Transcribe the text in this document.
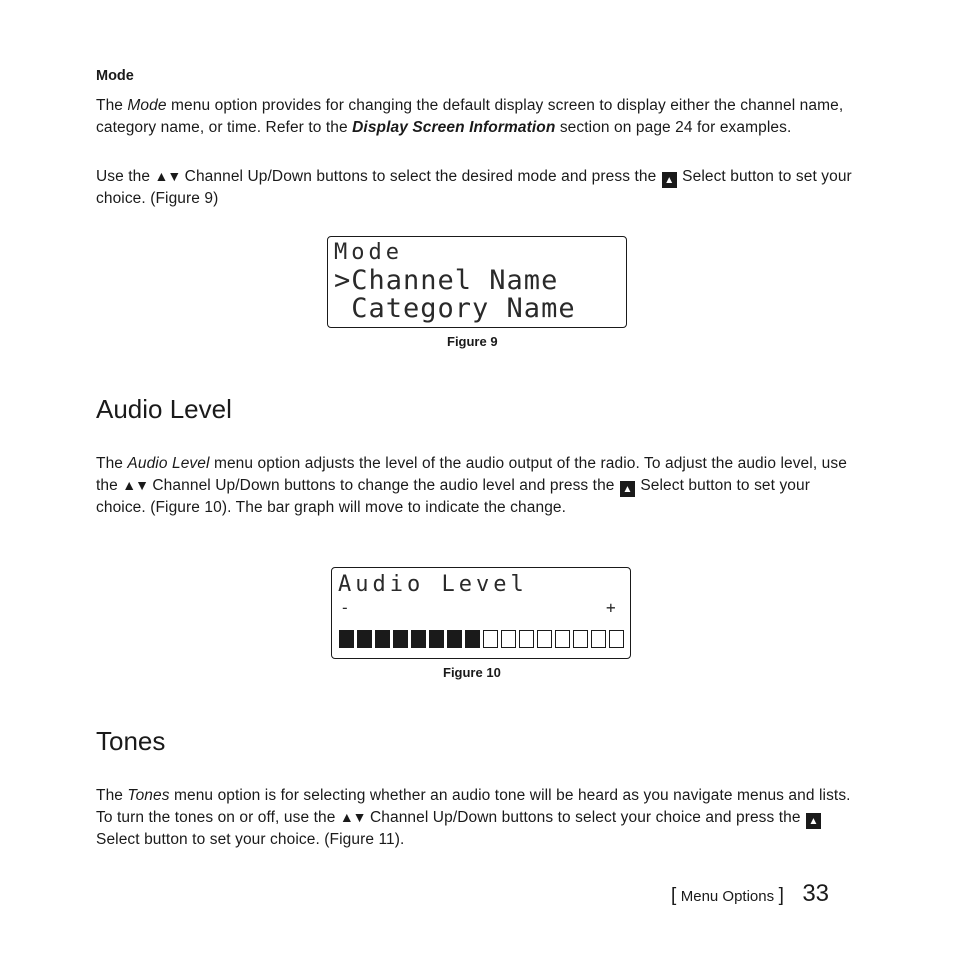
Mode

The Mode menu option provides for changing the default display screen to display either the channel name, category name, or time. Refer to the Display Screen Information section on page 24 for examples.

Use the ▲▼ Channel Up/Down buttons to select the desired mode and press the ▲ Select button to set your choice. (Figure 9)

Mode
>Channel Name
Category Name
Figure 9
Audio Level

The Audio Level menu option adjusts the level of the audio output of the radio. To adjust the audio level, use the ▲▼ Channel Up/Down buttons to change the audio level and press the ▲ Select button to set your choice. (Figure 10). The bar graph will move to indicate the change.

Audio Level
-	+
Figure 10
Tones

The Tones menu option is for selecting whether an audio tone will be heard as you navigate menus and lists. To turn the tones on or off, use the ▲▼ Channel Up/Down buttons to select your choice and press the ▲ Select button to set your choice. (Figure 11).

[ Menu Options ] 33
